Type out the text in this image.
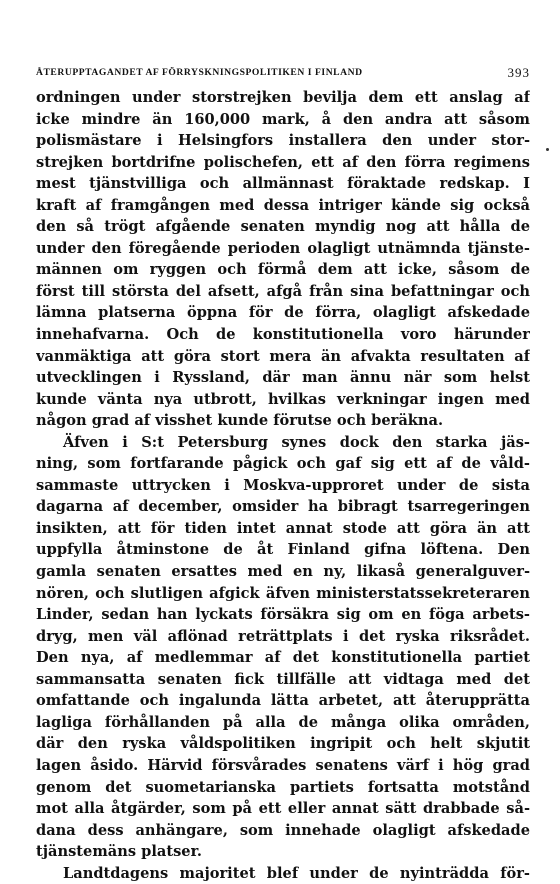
ÅTERUPPTAGANDET AF FÖRRYSKNINGSPOLITIKEN I FINLAND	393
ordningen under storstrejken bevilja dem ett anslag af
icke mindre än 160,000 mark, å den andra att såsom
polismästare i Helsingfors installera den under stor-
strejken bortdrifne polischefen, ett af den förra regimens
mest tjänstvilliga och allmännast föraktade redskap. I
kraft af framgången med dessa intriger kände sig också
den så trögt afgående senaten myndig nog att hålla de
under den föregående perioden olagligt utnämnda tjänste-
männen om ryggen och förmå dem att icke, såsom de
först till största del afsett, afgå från sina befattningar och
lämna platserna öppna för de förra, olagligt afskedade
innehafvarna. Och de konstitutionella voro härunder
vanmäktiga att göra stort mera än afvakta resultaten af
utvecklingen i Ryssland, där man ännu när som helst
kunde vänta nya utbrott, hvilkas verkningar ingen med
någon grad af visshet kunde förutse och beräkna.
Äfven i S:t Petersburg synes dock den starka jäs-
ning, som fortfarande pågick och gaf sig ett af de våld-
sammaste uttrycken i Moskva-upproret under de sista
dagarna af december, omsider ha bibragt tsarregeringen
insikten, att för tiden intet annat stode att göra än att
uppfylla åtminstone de åt Finland gifna löftena. Den
gamla senaten ersattes med en ny, likaså generalguver-
nören, och slutligen afgick äfven ministerstatssekreteraren
Linder, sedan han lyckats försäkra sig om en föga arbets-
dryg, men väl aflönad reträttplats i det ryska riksrådet.
Den nya, af medlemmar af det konstitutionella partiet
sammansatta senaten fick tillfälle att vidtaga med det
omfattande och ingalunda lätta arbetet, att återupprätta
lagliga förhållanden på alla de många olika områden,
där den ryska våldspolitiken ingripit och helt skjutit
lagen åsido. Härvid försvårades senatens värf i hög grad
genom det suometarianska partiets fortsatta motstånd
mot alla åtgärder, som på ett eller annat sätt drabbade så-
dana dess anhängare, som innehade olagligt afskedade
tjänstemäns platser.
Landtdagens majoritet blef under de nyinträdda för-
